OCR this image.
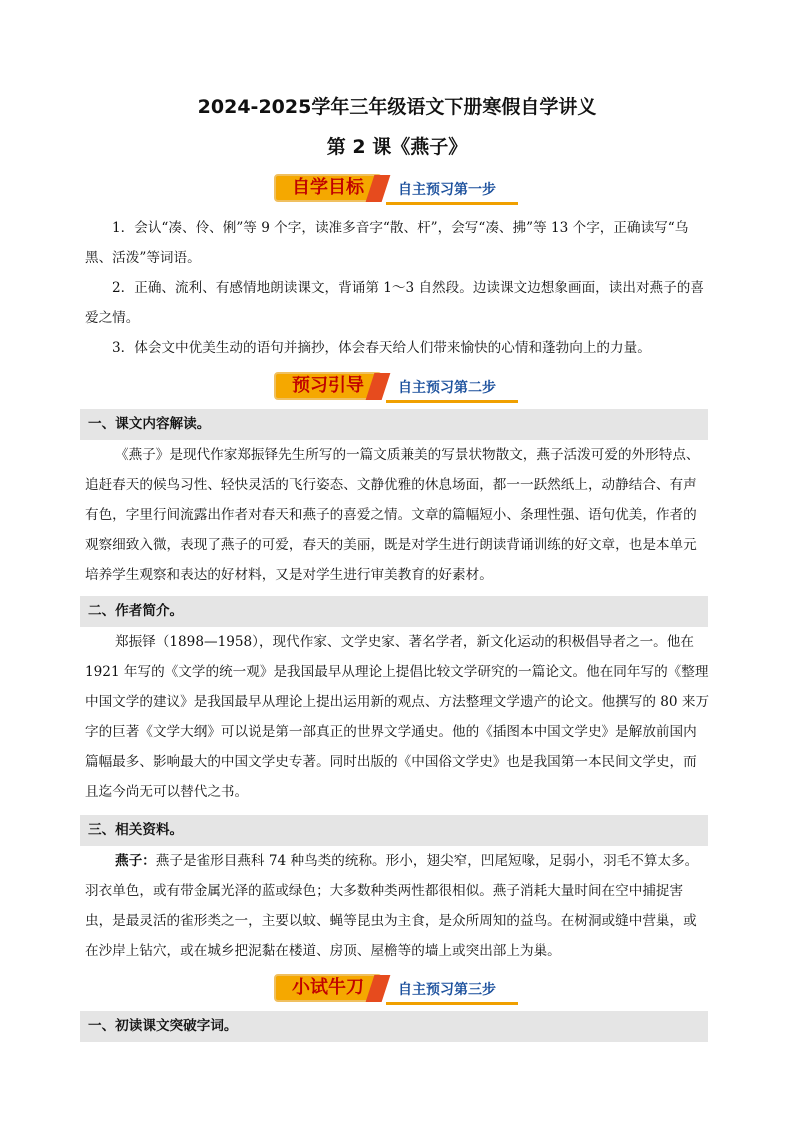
2024-2025学年三年级语文下册寒假自学讲义
第 2 课《燕子》
自学目标	自主预习第一步

1．会认“凑、伶、俐”等 9 个字，读准多音字“散、杆”，会写“凑、拂”等 13 个字，正确读写“乌黑、活泼”等词语。

2．正确、流利、有感情地朗读课文，背诵第 1～3 自然段。边读课文边想象画面，读出对燕子的喜爱之情。

3．体会文中优美生动的语句并摘抄，体会春天给人们带来愉快的心情和蓬勃向上的力量。

预习引导	自主预习第二步
一、课文内容解读。

《燕子》是现代作家郑振铎先生所写的一篇文质兼美的写景状物散文，燕子活泼可爱的外形特点、追赶春天的候鸟习性、轻快灵活的飞行姿态、文静优雅的休息场面，都一一跃然纸上，动静结合、有声有色，字里行间流露出作者对春天和燕子的喜爱之情。文章的篇幅短小、条理性强、语句优美，作者的观察细致入微，表现了燕子的可爱，春天的美丽，既是对学生进行朗读背诵训练的好文章，也是本单元培养学生观察和表达的好材料，又是对学生进行审美教育的好素材。

二、作者简介。

郑振铎（1898—1958），现代作家、文学史家、著名学者，新文化运动的积极倡导者之一。他在 1921 年写的《文学的统一观》是我国最早从理论上提倡比较文学研究的一篇论文。他在同年写的《整理中国文学的建议》是我国最早从理论上提出运用新的观点、方法整理文学遗产的论文。他撰写的 80 来万字的巨著《文学大纲》可以说是第一部真正的世界文学通史。他的《插图本中国文学史》是解放前国内篇幅最多、影响最大的中国文学史专著。同时出版的《中国俗文学史》也是我国第一本民间文学史，而且迄今尚无可以替代之书。

三、相关资料。

燕子：燕子是雀形目燕科 74 种鸟类的统称。形小，翅尖窄，凹尾短喙，足弱小，羽毛不算太多。羽衣单色，或有带金属光泽的蓝或绿色；大多数种类两性都很相似。燕子消耗大量时间在空中捕捉害虫，是最灵活的雀形类之一，主要以蚊、蝇等昆虫为主食，是众所周知的益鸟。在树洞或缝中营巢，或在沙岸上钻穴，或在城乡把泥黏在楼道、房顶、屋檐等的墙上或突出部上为巢。

小试牛刀	自主预习第三步
一、初读课文突破字词。
